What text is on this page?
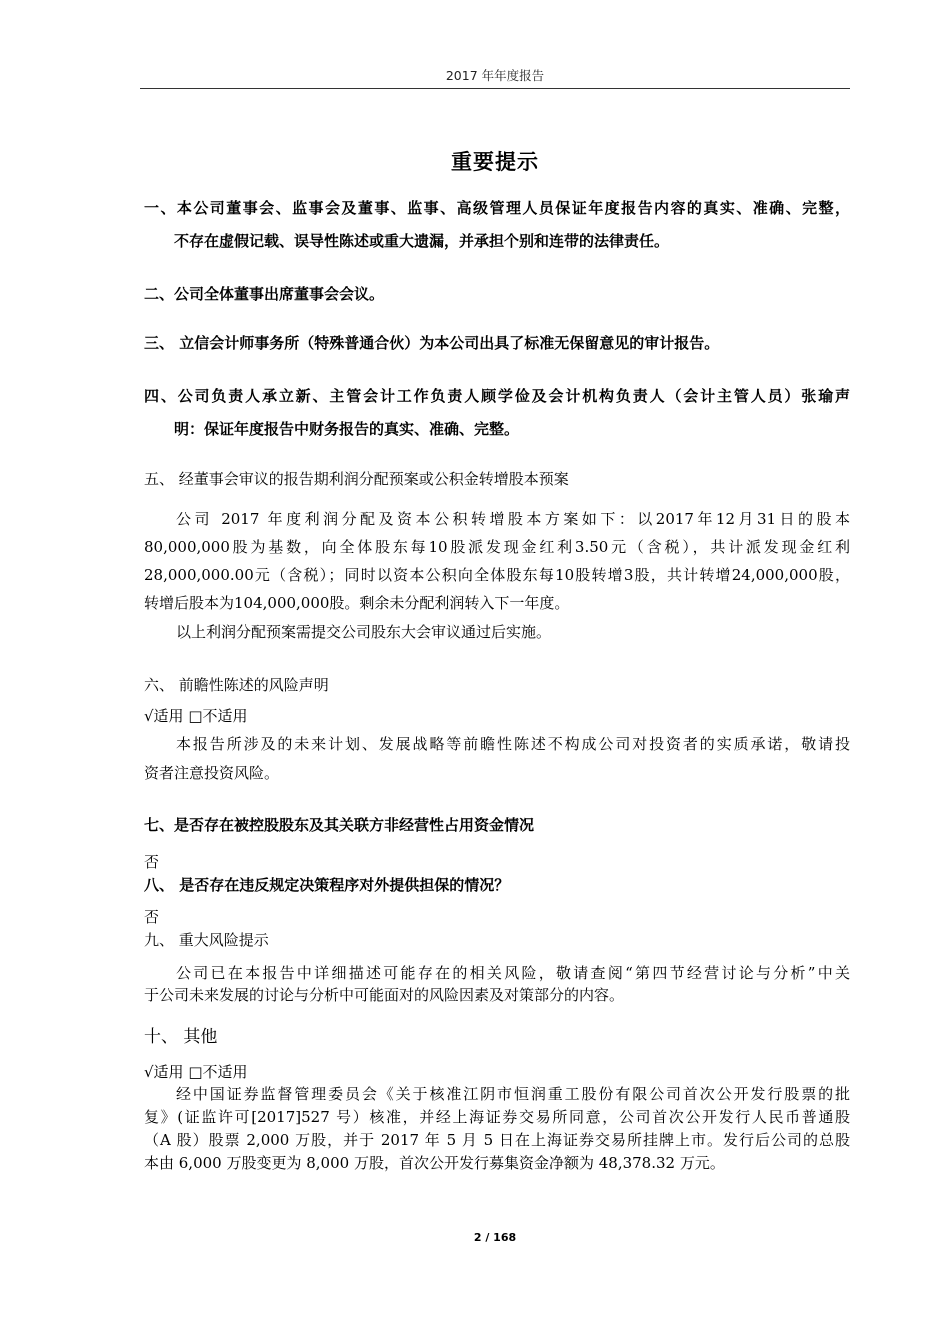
2017 年年度报告
重要提示
一、本公司董事会、监事会及董事、监事、高级管理人员保证年度报告内容的真实、准确、完整，
不存在虚假记载、误导性陈述或重大遗漏，并承担个别和连带的法律责任。
二、公司全体董事出席董事会会议。
三、 立信会计师事务所（特殊普通合伙）为本公司出具了标准无保留意见的审计报告。
四、公司负责人承立新、主管会计工作负责人顾学俭及会计机构负责人（会计主管人员）张瑜声
明：保证年度报告中财务报告的真实、准确、完整。
五、 经董事会审议的报告期利润分配预案或公积金转增股本预案
公司 2017 年度利润分配及资本公积转增股本方案如下：以2017年12月31日的股本
80,000,000股为基数，向全体股东每10股派发现金红利3.50元（含税），共计派发现金红利
28,000,000.00元（含税）；同时以资本公积向全体股东每10股转增3股，共计转增24,000,000股，
转增后股本为104,000,000股。剩余未分配利润转入下一年度。
以上利润分配预案需提交公司股东大会审议通过后实施。
六、 前瞻性陈述的风险声明
√适用 □不适用
本报告所涉及的未来计划、发展战略等前瞻性陈述不构成公司对投资者的实质承诺，敬请投
资者注意投资风险。
七、是否存在被控股股东及其关联方非经营性占用资金情况
否
八、 是否存在违反规定决策程序对外提供担保的情况？
否
九、 重大风险提示
公司已在本报告中详细描述可能存在的相关风险，敬请查阅“第四节经营讨论与分析”中关
于公司未来发展的讨论与分析中可能面对的风险因素及对策部分的内容。
十、 其他
√适用 □不适用
经中国证券监督管理委员会《关于核准江阴市恒润重工股份有限公司首次公开发行股票的批
复》(证监许可[2017]527 号）核准，并经上海证券交易所同意，公司首次公开发行人民币普通股
（A 股）股票 2,000 万股，并于 2017 年 5 月 5 日在上海证券交易所挂牌上市。发行后公司的总股
本由 6,000 万股变更为 8,000 万股，首次公开发行募集资金净额为 48,378.32 万元。
2 / 168
